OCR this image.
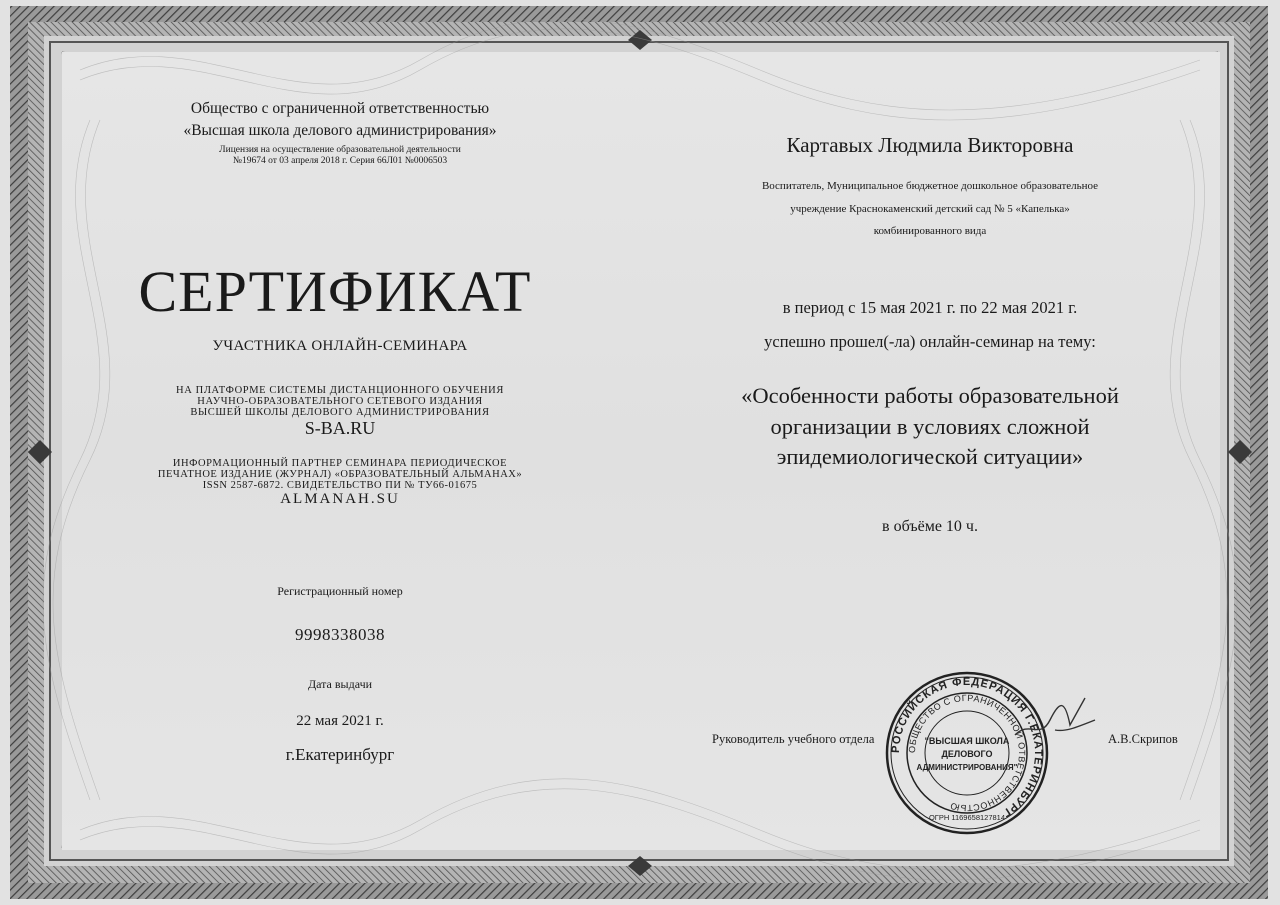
Общество с ограниченной ответственностью
«Высшая школа делового администрирования»
Лицензия на осуществление образовательной деятельности
№19674 от 03 апреля 2018 г. Серия 66Л01 №0006503
СЕРТИФИКАТ
УЧАСТНИКА ОНЛАЙН-СЕМИНАРА
НА ПЛАТФОРМЕ СИСТЕМЫ ДИСТАНЦИОННОГО ОБУЧЕНИЯ
НАУЧНО-ОБРАЗОВАТЕЛЬНОГО СЕТЕВОГО ИЗДАНИЯ
ВЫСШЕЙ ШКОЛЫ ДЕЛОВОГО АДМИНИСТРИРОВАНИЯ
S-BA.RU
ИНФОРМАЦИОННЫЙ ПАРТНЕР СЕМИНАРА ПЕРИОДИЧЕСКОЕ
ПЕЧАТНОЕ ИЗДАНИЕ (ЖУРНАЛ) «ОБРАЗОВАТЕЛЬНЫЙ АЛЬМАНАХ»
ISSN 2587-6872. СВИДЕТЕЛЬСТВО ПИ № ТУ66-01675
ALMANAH.SU
Регистрационный номер
9998338038
Дата выдачи
22 мая 2021 г.
г.Екатеринбург
Картавых Людмила Викторовна
Воспитатель, Муниципальное бюджетное дошкольное образовательное
учреждение Краснокаменский детский сад № 5 «Капелька»
комбинированного вида
в период с 15 мая 2021 г. по 22 мая 2021 г.
успешно прошел(-ла) онлайн-семинар на тему:
«Особенности работы образовательной
организации в условиях сложной
эпидемиологической ситуации»
в объёме 10 ч.
Руководитель учебного отдела	А.В.Скрипов
РОССИЙСКАЯ ФЕДЕРАЦИЯ Г.ЕКАТЕРИНБУРГ
ОБЩЕСТВО С ОГРАНИЧЕННОЙ ОТВЕТСТВЕННОСТЬЮ
"ВЫСШАЯ ШКОЛА
ДЕЛОВОГО
АДМИНИСТРИРОВАНИЯ"
ОГРН 1169658127814
